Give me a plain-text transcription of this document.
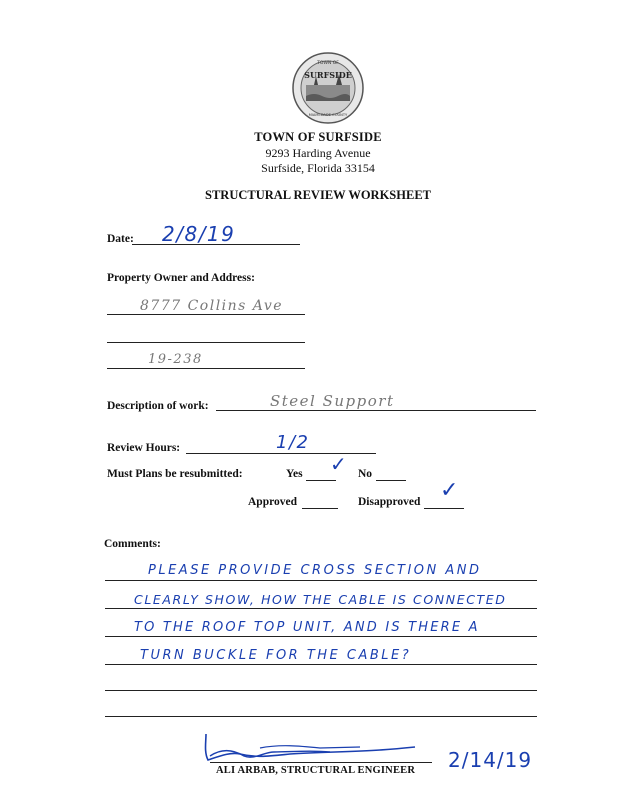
TOWN OF
SURFSIDE
MIAMI-DADE COUNTY
TOWN OF SURFSIDE
9293 Harding Avenue
Surfside, Florida 33154
STRUCTURAL REVIEW WORKSHEET
Date: 2/8/19
Property Owner and Address:
8777 Collins Ave
19-238
Description of work:	Steel Support
Review Hours:	1/2
Must Plans be resubmitted:	Yes ✓ No
Approved	Disapproved ✓
Comments:
PLEASE PROVIDE CROSS SECTION AND
CLEARLY SHOW, HOW THE CABLE IS CONNECTED
TO THE ROOF TOP UNIT, AND IS THERE A
TURN BUCKLE FOR THE CABLE?
ALI ARBAB, STRUCTURAL ENGINEER 2/14/19
